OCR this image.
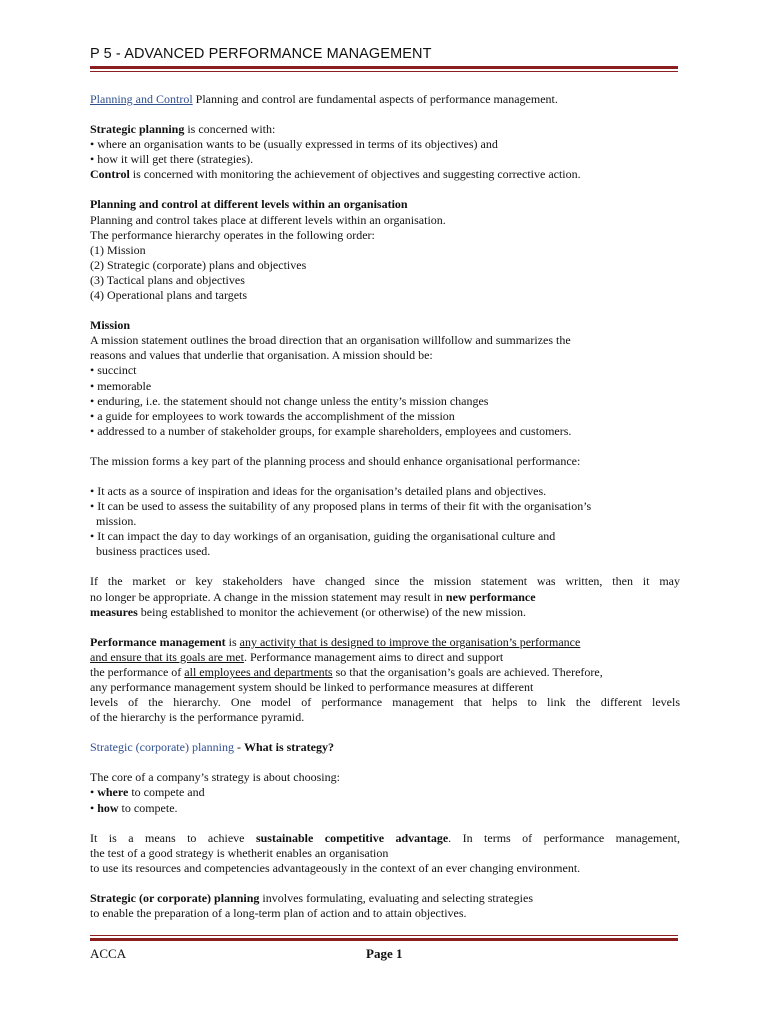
P 5 - ADVANCED PERFORMANCE MANAGEMENT

Planning and Control Planning and control are fundamental aspects of performance management.

Strategic planning is concerned with:

• where an organisation wants to be (usually expressed in terms of its objectives) and

• how it will get there (strategies).

Control is concerned with monitoring the achievement of objectives and suggesting corrective action.

Planning and control at different levels within an organisation

Planning and control takes place at different levels within an organisation.

The performance hierarchy operates in the following order:

(1) Mission

(2) Strategic (corporate) plans and objectives

(3) Tactical plans and objectives

(4) Operational plans and targets

Mission

A mission statement outlines the broad direction that an organisation willfollow and summarizes the

reasons and values that underlie that organisation. A mission should be:

• succinct

• memorable

• enduring, i.e. the statement should not change unless the entity’s mission changes

• a guide for employees to work towards the accomplishment of the mission

• addressed to a number of stakeholder groups, for example shareholders, employees and customers.

The mission forms a key part of the planning process and should enhance organisational performance:

• It acts as a source of inspiration and ideas for the organisation’s detailed plans and objectives.

• It can be used to assess the suitability of any proposed plans in terms of their fit with the organisation’s

mission.

• It can impact the day to day workings of an organisation, guiding the organisational culture and

business practices used.

If the market or key stakeholders have changed since the mission statement was written, then it may

no longer be appropriate. A change in the mission statement may result in new performance

measures being established to monitor the achievement (or otherwise) of the new mission.

Performance management is any activity that is designed to improve the organisation’s performance

and ensure that its goals are met. Performance management aims to direct and support

the performance of all employees and departments so that the organisation’s goals are achieved. Therefore,

any performance management system should be linked to performance measures at different

levels of the hierarchy. One model of performance management that helps to link the different levels

of the hierarchy is the performance pyramid.

Strategic (corporate) planning - What is strategy?

The core of a company’s strategy is about choosing:

• where to compete and

• how to compete.

It is a means to achieve sustainable competitive advantage. In terms of performance management,

the test of a good strategy is whetherit enables an organisation

to use its resources and competencies advantageously in the context of an ever changing environment.

Strategic (or corporate) planning involves formulating, evaluating and selecting strategies

to enable the preparation of a long-term plan of action and to attain objectives.

ACCA	Page 1
